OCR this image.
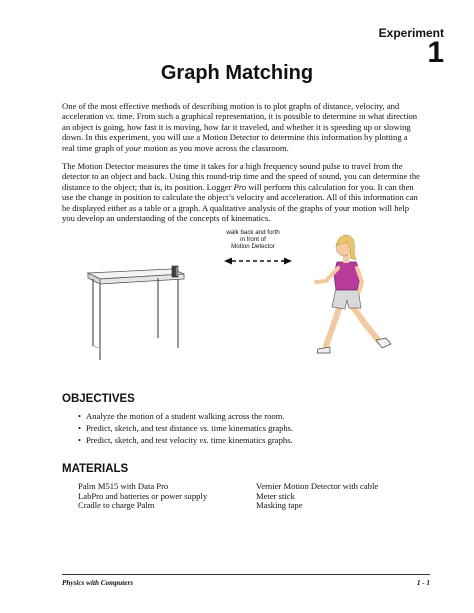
Experiment
1
Graph Matching

One of the most effective methods of describing motion is to plot graphs of distance, velocity, and acceleration vs. time. From such a graphical representation, it is possible to determine in what direction an object is going, how fast it is moving, how far it traveled, and whether it is speeding up or slowing down. In this experiment, you will use a Motion Detector to determine this information by plotting a real time graph of your motion as you move across the classroom.

The Motion Detector measures the time it takes for a high frequency sound pulse to travel from the detector to an object and back. Using this round-trip time and the speed of sound, you can determine the distance to the object; that is, its position. Logger Pro will perform this calculation for you. It can then use the change in position to calculate the object’s velocity and acceleration. All of this information can be displayed either as a table or a graph. A qualitative analysis of the graphs of your motion will help you develop an understanding of the concepts of kinematics.

walk back and forth
in front of
Motion Detector
OBJECTIVES
• Analyze the motion of a student walking across the room.
• Predict, sketch, and test distance vs. time kinematics graphs.
• Predict, sketch, and test velocity vs. time kinematics graphs.
MATERIALS
Palm M515 with Data Pro
LabPro and batteries or power supply
Cradle to charge Palm
Vernier Motion Detector with cable
Meter stick
Masking tape
Physics with Computers	1 - 1
